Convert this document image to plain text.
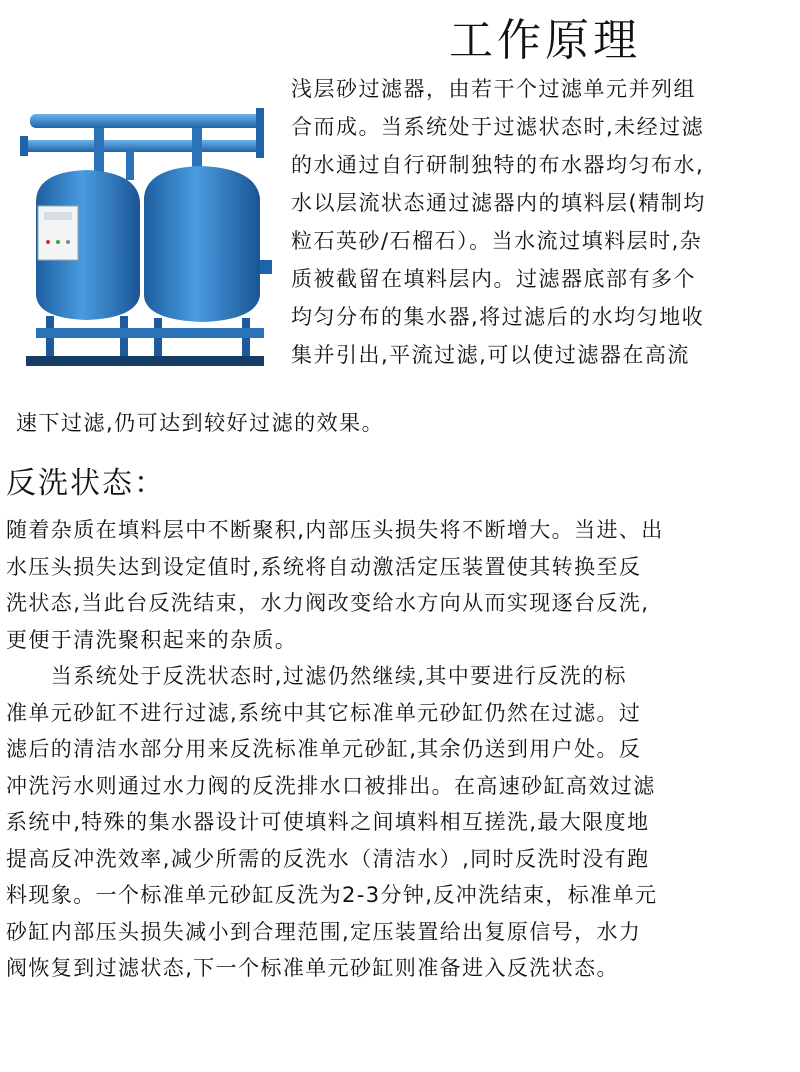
工作原理
浅层砂过滤器，由若干个过滤单元并列组
合而成。当系统处于过滤状态时,未经过滤
的水通过自行研制独特的布水器均匀布水,
水以层流状态通过滤器内的填料层(精制均
粒石英砂/石榴石）。当水流过填料层时,杂
质被截留在填料层内。过滤器底部有多个
均匀分布的集水器,将过滤后的水均匀地收
集并引出,平流过滤,可以使过滤器在高流
速下过滤,仍可达到较好过滤的效果。
反洗状态：
随着杂质在填料层中不断聚积,内部压头损失将不断增大。当进、出
水压头损失达到设定值时,系统将自动激活定压装置使其转换至反
洗状态,当此台反洗结束，水力阀改变给水方向从而实现逐台反洗,
更便于清洗聚积起来的杂质。
　　当系统处于反洗状态时,过滤仍然继续,其中要进行反洗的标
准单元砂缸不进行过滤,系统中其它标准单元砂缸仍然在过滤。过
滤后的清洁水部分用来反洗标准单元砂缸,其余仍送到用户处。反
冲洗污水则通过水力阀的反洗排水口被排出。在高速砂缸高效过滤
系统中,特殊的集水器设计可使填料之间填料相互搓洗,最大限度地
提高反冲洗效率,减少所需的反洗水（清洁水）,同时反洗时没有跑
料现象。一个标准单元砂缸反洗为2-3分钟,反冲洗结束，标准单元
砂缸内部压头损失减小到合理范围,定压装置给出复原信号，水力
阀恢复到过滤状态,下一个标准单元砂缸则准备进入反洗状态。
